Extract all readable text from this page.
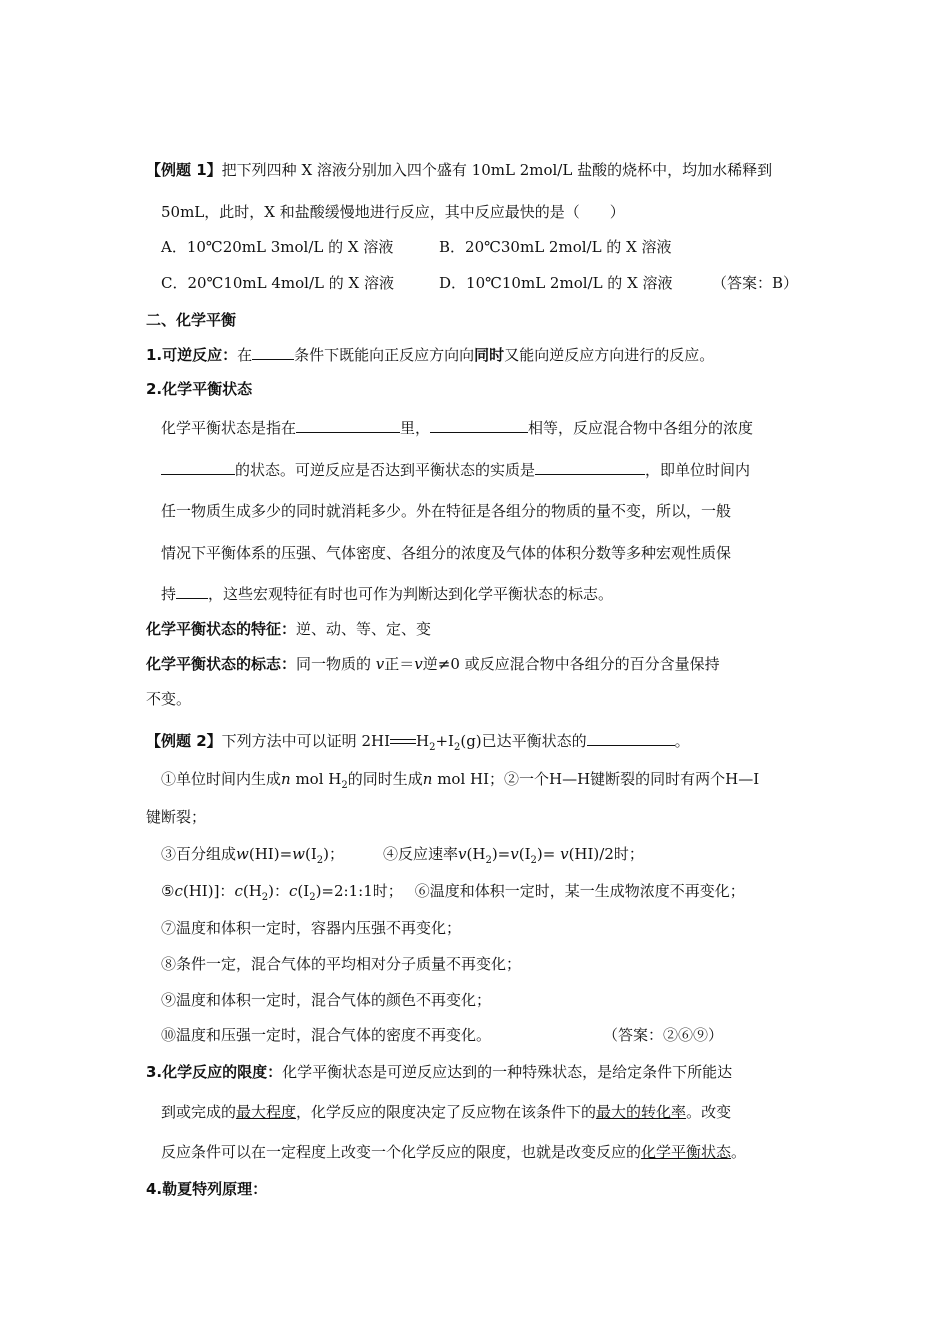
【例题 1】把下列四种 X 溶液分别加入四个盛有 10mL 2mol/L 盐酸的烧杯中，均加水稀释到
50mL，此时，X 和盐酸缓慢地进行反应，其中反应最快的是（　　）
A．10℃20mL 3mol/L 的 X 溶液	B．20℃30mL 2mol/L 的 X 溶液
C．20℃10mL 4mol/L 的 X 溶液	D．10℃10mL 2mol/L 的 X 溶液	（答案：B）
二、化学平衡
1.可逆反应：在	条件下既能向正反应方向向同时又能向逆反应方向进行的反应。
2.化学平衡状态
化学平衡状态是指在	里，	相等，反应混合物中各组分的浓度
的状态。可逆反应是否达到平衡状态的实质是	，即单位时间内
任一物质生成多少的同时就消耗多少。外在特征是各组分的物质的量不变，所以，一般
情况下平衡体系的压强、气体密度、各组分的浓度及气体的体积分数等多种宏观性质保
持 ，这些宏观特征有时也可作为判断达到化学平衡状态的标志。
化学平衡状态的特征：逆、动、等、定、变
化学平衡状态的标志：同一物质的 v正＝v逆≠0 或反应混合物中各组分的百分含量保持
不变。
【例题 2】下列方法中可以证明 2HI $H_2+I_2(g)$已达平衡状态的	。
①单位时间内生成n mol $H_2$的同时生成n mol HI；②一个H—H键断裂的同时有两个H—I
键断裂；
③百分组成$w(HI)=w(I_2)$；	④反应速率$v(H_2)=v(I_2)= v(HI)/2$时；
⑤c(HI)]：$c(H_2)$：$c(I_2)=2:1:1$时； ⑥温度和体积一定时，某一生成物浓度不再变化；
⑦温度和体积一定时，容器内压强不再变化；
⑧条件一定，混合气体的平均相对分子质量不再变化；
⑨温度和体积一定时，混合气体的颜色不再变化；
⑩温度和压强一定时，混合气体的密度不再变化。	（答案：②⑥⑨）
3.化学反应的限度：化学平衡状态是可逆反应达到的一种特殊状态，是给定条件下所能达
到或完成的最大程度，化学反应的限度决定了反应物在该条件下的最大的转化率。改变
反应条件可以在一定程度上改变一个化学反应的限度，也就是改变反应的化学平衡状态。
4.勒夏特列原理：
